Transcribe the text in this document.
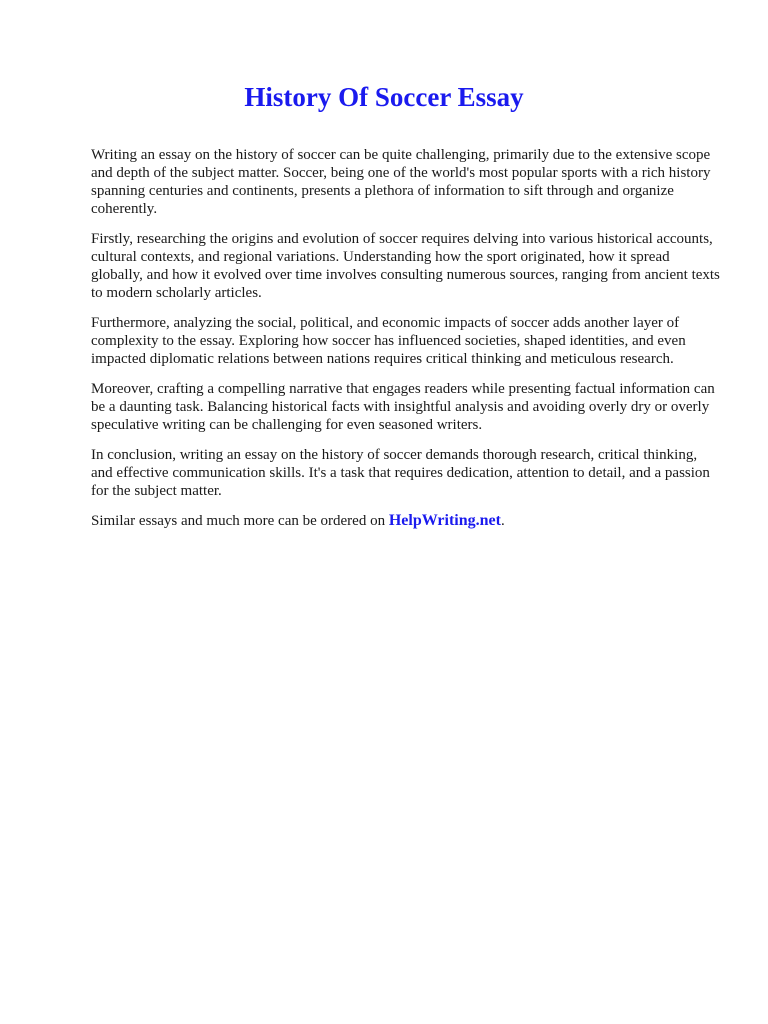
History Of Soccer Essay

Writing an essay on the history of soccer can be quite challenging, primarily due to the extensive scope and depth of the subject matter. Soccer, being one of the world's most popular sports with a rich history spanning centuries and continents, presents a plethora of information to sift through and organize coherently.

Firstly, researching the origins and evolution of soccer requires delving into various historical accounts, cultural contexts, and regional variations. Understanding how the sport originated, how it spread globally, and how it evolved over time involves consulting numerous sources, ranging from ancient texts to modern scholarly articles.

Furthermore, analyzing the social, political, and economic impacts of soccer adds another layer of complexity to the essay. Exploring how soccer has influenced societies, shaped identities, and even impacted diplomatic relations between nations requires critical thinking and meticulous research.

Moreover, crafting a compelling narrative that engages readers while presenting factual information can be a daunting task. Balancing historical facts with insightful analysis and avoiding overly dry or overly speculative writing can be challenging for even seasoned writers.

In conclusion, writing an essay on the history of soccer demands thorough research, critical thinking, and effective communication skills. It's a task that requires dedication, attention to detail, and a passion for the subject matter.

Similar essays and much more can be ordered on HelpWriting.net.
